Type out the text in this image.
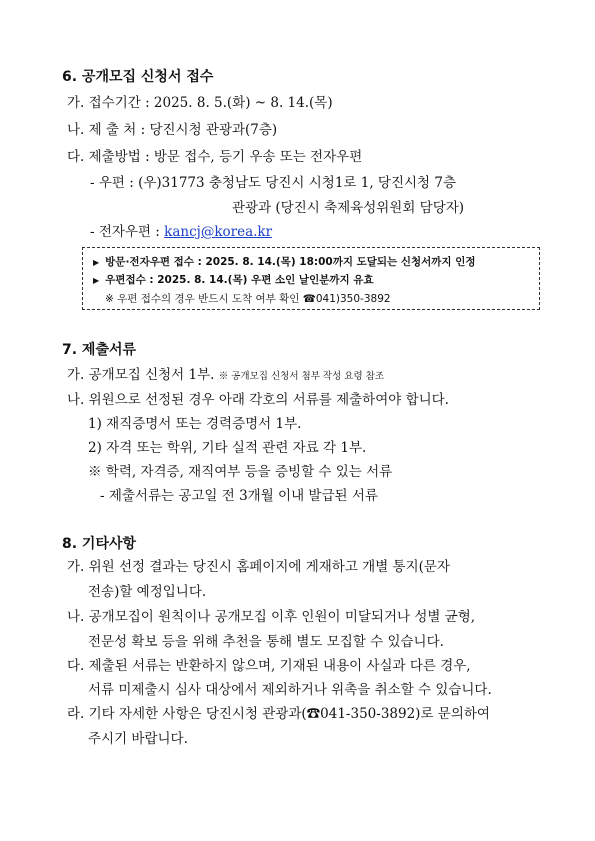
6. 공개모집 신청서 접수
가. 접수기간 : 2025. 8. 5.(화) ~ 8. 14.(목)
나. 제 출 처 : 당진시청 관광과(7층)
다. 제출방법 : 방문 접수, 등기 우송 또는 전자우편
- 우편 : (우)31773 충청남도 당진시 시청1로 1, 당진시청 7층
관광과 (당진시 축제육성위원회 담당자)
- 전자우편 : kancj@korea.kr
▶ 방문·전자우편 접수 : 2025. 8. 14.(목) 18:00까지 도달되는 신청서까지 인정
▶ 우편접수 : 2025. 8. 14.(목) 우편 소인 날인분까지 유효
※ 우편 접수의 경우 반드시 도착 여부 확인 ☎041)350-3892
7. 제출서류
가. 공개모집 신청서 1부. ※ 공개모집 신청서 첨부 작성 요령 참조
나. 위원으로 선정된 경우 아래 각호의 서류를 제출하여야 합니다.
1) 재직증명서 또는 경력증명서 1부.
2) 자격 또는 학위, 기타 실적 관련 자료 각 1부.
※ 학력, 자격증, 재직여부 등을 증빙할 수 있는 서류
- 제출서류는 공고일 전 3개월 이내 발급된 서류
8. 기타사항
가. 위원 선정 결과는 당진시 홈페이지에 게재하고 개별 통지(문자
전송)할 예정입니다.
나. 공개모집이 원칙이나 공개모집 이후 인원이 미달되거나 성별 균형,
전문성 확보 등을 위해 추천을 통해 별도 모집할 수 있습니다.
다. 제출된 서류는 반환하지 않으며, 기재된 내용이 사실과 다른 경우,
서류 미제출시 심사 대상에서 제외하거나 위촉을 취소할 수 있습니다.
라. 기타 자세한 사항은 당진시청 관광과(☎041-350-3892)로 문의하여
주시기 바랍니다.
